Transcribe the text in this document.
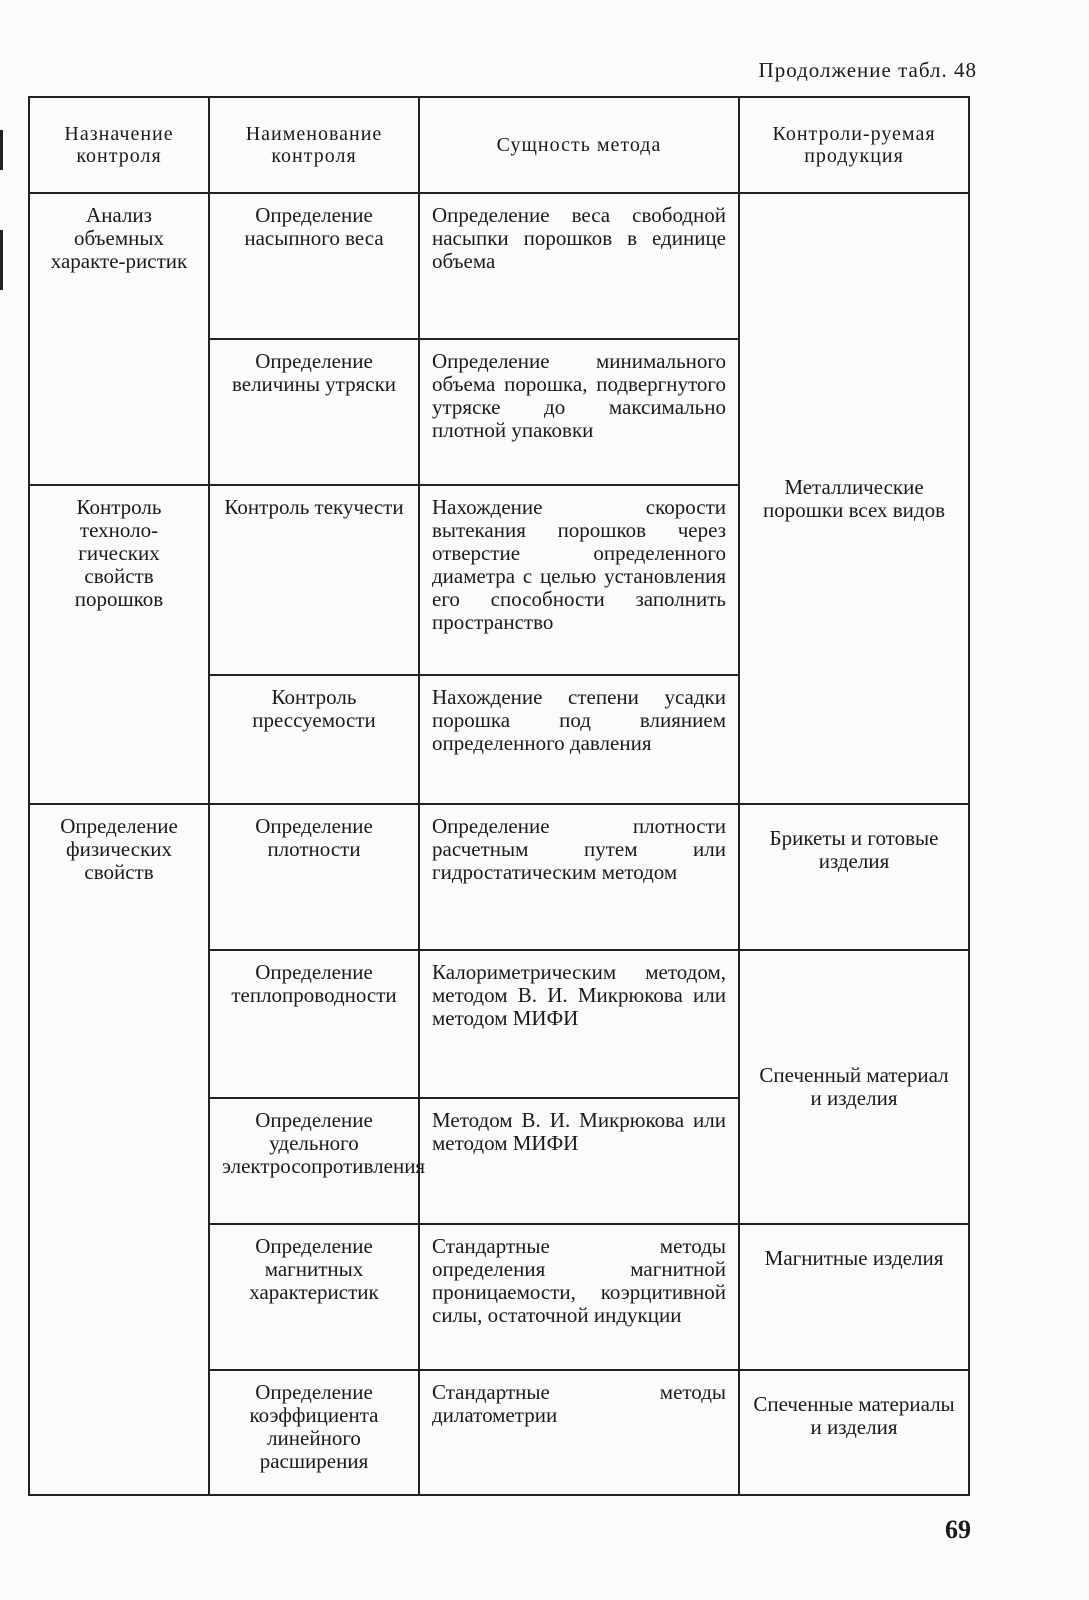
Продолжение табл. 48
Назначение контроля	Наименование контроля	Сущность метода	Контроли-руемая продукция
Анализ объемных характе-ристик	Определение насыпного веса	Определение веса свободной насыпки порошков в единице объема	Металлические порошки всех видов
	Определение величины утряски	Определение минимального объема порошка, подвергнутого утряске до максимально плотной упаковки	
Контроль техноло-гических свойств порошков	Контроль текучести	Нахождение скорости вытекания порошков через отверстие определенного диаметра с целью установления его способности заполнить пространство	
	Контроль прессуемости	Нахождение степени усадки порошка под влиянием определенного давления	
Определение физических свойств	Определение плотности	Определение плотности расчетным путем или гидростатическим методом	Брикеты и готовые изделия
	Определение теплопроводности	Калориметрическим методом, методом В. И. Микрюкова или методом МИФИ	Спеченный материал и изделия
	Определение удельного электросопротивления	Методом В. И. Микрюкова или методом МИФИ	
	Определение магнитных характеристик	Стандартные методы определения магнитной проницаемости, коэрцитивной силы, остаточной индукции	Магнитные изделия
	Определение коэффициента линейного расширения	Стандартные методы дилатометрии	Спеченные материалы и изделия
69
